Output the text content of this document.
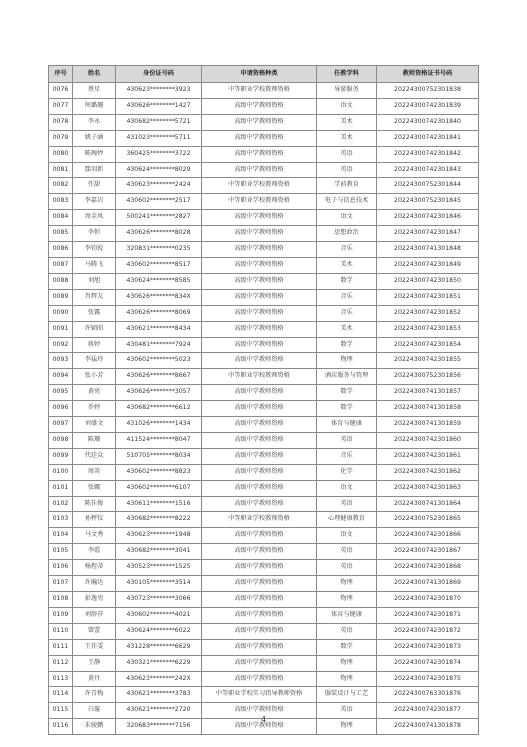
序号	姓名	身份证号码	申请资格种类	任教学科	教师资格证书号码
0076	蔡星	430623********3923	中等职业学校教师资格	导游服务	20224300752301838
0077	何璐珊	430626********1427	高级中学教师资格	语文	20224300742301839
0078	李永	430682********5721	高级中学教师资格	美术	20224300742301840
0079	姚子涵	431023********5711	高级中学教师资格	美术	20224300742301841
0080	陈琬婷	360425********3722	高级中学教师资格	英语	20224300742301842
0081	鄢羽新	430624********8029	高级中学教师资格	英语	20224300742301843
0082	任甜	430623********2424	中等职业学校教师资格	学前教育	20224300752301844
0083	李嘉岩	430602********2517	中等职业学校教师资格	电子与信息技术	20224300752301845
0084	周金凤	500241********2827	高级中学教师资格	语文	20224300742301846
0085	李恒	430626********8028	高级中学教师资格	思想政治	20224300742301847
0086	李钧锐	320831********0235	高级中学教师资格	音乐	20224300741301848
0087	马腾飞	430602********8517	高级中学教师资格	美术	20224300742301849
0088	刘旭	430624********8585	高级中学教师资格	数学	20224300742301850
0089	肖辉友	430626********834X	高级中学教师资格	音乐	20224300742301851
0090	张露	430626********8069	高级中学教师资格	音乐	20224300742301852
0091	许穎昭	430621********8434	高级中学教师资格	美术	20224300742301853
0092	蒋婷	430481********7924	高级中学教师资格	数学	20224300742301854
0093	李猛玲	430602********5023	高级中学教师资格	物理	20224300742301855
0094	张小芳	430626********8667	中等职业学校教师资格	酒店服务与管理	20224300752301856
0095	黄亮	430626********3057	高级中学教师资格	数学	20224300741301857
0096	乔婷	430682********6612	高级中学教师资格	数学	20224300741301858
0097	刘盛文	431026********1434	高级中学教师资格	体育与健康	20224300741301859
0098	陈珊	411524********8047	高级中学教师资格	英语	20224300742301860
0099	代廷众	510705********8034	高级中学教师资格	音乐	20224300742301861
0100	周炎	430602********8823	高级中学教师资格	化学	20224300742301862
0101	张娜	430602********6107	高级中学教师资格	语文	20224300742301863
0102	陈佳俊	430611********1516	高级中学教师资格	英语	20224300741301864
0103	孙秤仪	430682********8222	中等职业学校教师资格	心理健康教育	20224300752301865
0104	马文秀	430623********1948	高级中学教师资格	语文	20224300742301866
0105	李霞	430682********3041	高级中学教师资格	英语	20224300742301867
0106	杨煜蒂	430523********1525	高级中学教师资格	英语	20224300742301868
0107	许瀚达	430105********3514	高级中学教师资格	物理	20224300741301869
0108	彭逸男	430723********3066	高级中学教师资格	物理	20224300742301870
0109	刘辞莎	430602********4021	高级中学教师资格	体育与健康	20224300742301871
0110	曾蕾	430624********6022	高级中学教师资格	英语	20224300742301872
0111	王佳雯	431228********6629	高级中学教师资格	数学	20224300742301873
0112	王静	430321********6229	高级中学教师资格	物理	20224300742301874
0113	黄丹	430623********242X	高级中学教师资格	物理	20224300742301875
0114	许青梅	430621********3783	中等职业学校实习指导教师资格	服装设计与工艺	20224300763301876
0115	白璇	430621********2720	高级中学教师资格	英语	20224300742301877
0116	朱骏鹏	320683********7156	高级中学教师资格	物理	20224300741301878
4
